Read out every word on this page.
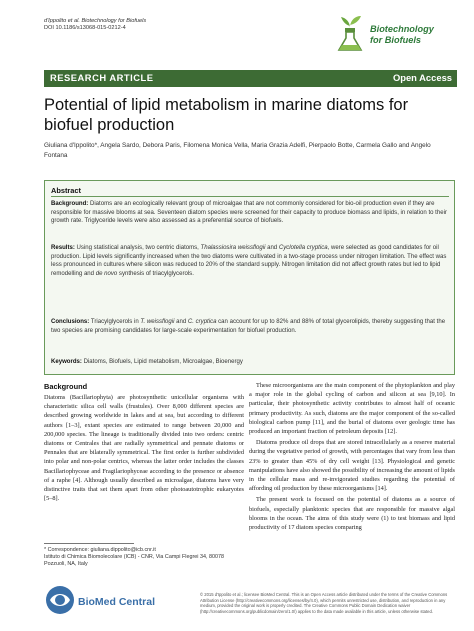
d'Ippolito et al. Biotechnology for Biofuels
DOI 10.1186/s13068-015-0212-4	Biotechnology
for Biofuels
RESEARCH ARTICLE	Open Access
Potential of lipid metabolism in marine diatoms for biofuel production
Giuliana d'Ippolito*, Angela Sardo, Debora Paris, Filomena Monica Vella, Maria Grazia Adelfi, Pierpaolo Botte, Carmela Gallo and Angelo Fontana
Abstract
Background: Diatoms are an ecologically relevant group of microalgae that are not commonly considered for bio-oil production even if they are responsible for massive blooms at sea. Seventeen diatom species were screened for their capacity to produce biomass and lipids, in relation to their growth rate. Triglyceride levels were also assessed as a preferential source of biofuels.
Results: Using statistical analysis, two centric diatoms, Thalassiosira weissflogii and Cyclotella cryptica, were selected as good candidates for oil production. Lipid levels significantly increased when the two diatoms were cultivated in a two-stage process under nitrogen limitation. The effect was less pronounced in cultures where silicon was reduced to 20% of the standard supply. Nitrogen limitation did not affect growth rates but led to lipid remodelling and de novo synthesis of triacylglycerols.
Conclusions: Triacylglycerols in T. weissflogii and C. cryptica can account for up to 82% and 88% of total glycerolipids, thereby suggesting that the two species are promising candidates for large-scale experimentation for biofuel production.
Keywords: Diatoms, Biofuels, Lipid metabolism, Microalgae, Bioenergy
Background
Diatoms (Bacillariophyta) are photosynthetic unicellular organisms with characteristic silica cell walls (frustules). Over 8,000 different species are described growing worldwide in lakes and at sea, but according to different authors [1–3], extant species are estimated to range between 20,000 and 200,000 species. The lineage is traditionally divided into two orders: centric diatoms or Centrales that are radially symmetrical and pennate diatoms or Pennales that are bilaterally symmetrical. The first order is further subdivided into polar and non-polar centrics, whereas the latter order includes the classes Bacillariophyceae and Fragilariophyceae according to the presence or absence of a raphe [4]. Although usually described as microalgae, diatoms have very distinctive traits that set them apart from other photoautotrophic eukaryotes [5–8].
These microorganisms are the main component of the phytoplankton and play a major role in the global cycling of carbon and silicon at sea [9,10]. In particular, their photosynthetic activity contributes to almost half of oceanic primary productivity. As such, diatoms are the major component of the so-called biological carbon pump [11], and the burial of diatoms over geologic time has produced an important fraction of petroleum deposits [12].
Diatoms produce oil drops that are stored intracellularly as a reserve material during the vegetative period of growth, with percentages that vary from less than 23% to greater than 45% of dry cell weight [13]. Physiological and genetic manipulations have also showed the possibility of increasing the amount of lipids in the cellular mass and re-invigorated studies regarding the potential of affording oil production by these microorganisms [14].
The present work is focused on the potential of diatoms as a source of biofuels, especially planktonic species that are responsible for massive algal blooms in the ocean. The aims of this study were (1) to test biomass and lipid productivity of 17 diatom species comparing
* Correspondence: giuliana.dippolito@icb.cnr.it
Istituto di Chimica Biomolecolare (ICB) - CNR, Via Campi Flegrei 34, 80078
Pozzuoli, NA, Italy
BioMed Central
© 2015 d'Ippolito et al.; licensee BioMed Central. This is an Open Access article distributed under the terms of the Creative Commons Attribution License (http://creativecommons.org/licenses/by/4.0), which permits unrestricted use, distribution, and reproduction in any medium, provided the original work is properly credited. The Creative Commons Public Domain Dedication waiver (http://creativecommons.org/publicdomain/zero/1.0/) applies to the data made available in this article, unless otherwise stated.
